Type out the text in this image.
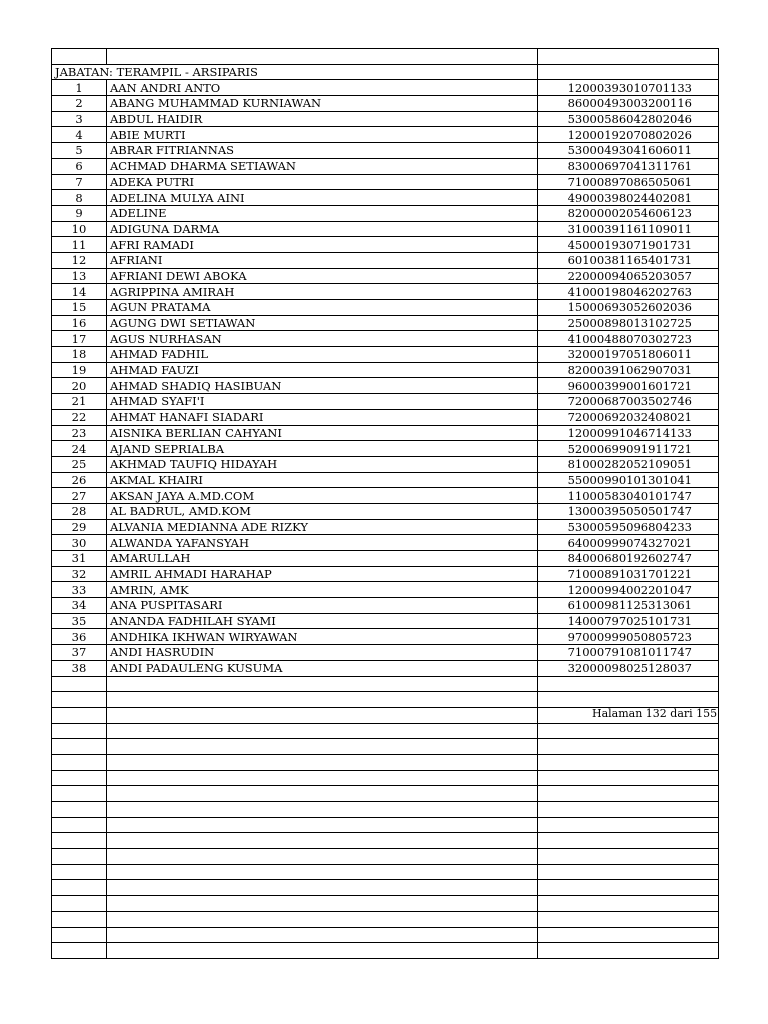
JABATAN: TERAMPIL - ARSIPARIS		
1	AAN ANDRI ANTO	12000393010701133
2	ABANG MUHAMMAD KURNIAWAN	86000493003200116
3	ABDUL HAIDIR	53000586042802046
4	ABIE MURTI	12000192070802026
5	ABRAR FITRIANNAS	53000493041606011
6	ACHMAD DHARMA SETIAWAN	83000697041311761
7	ADEKA PUTRI	71000897086505061
8	ADELINA MULYA AINI	49000398024402081
9	ADELINE	82000002054606123
10	ADIGUNA DARMA	31000391161109011
11	AFRI RAMADI	45000193071901731
12	AFRIANI	60100381165401731
13	AFRIANI DEWI ABOKA	22000094065203057
14	AGRIPPINA AMIRAH	41000198046202763
15	AGUN PRATAMA	15000693052602036
16	AGUNG DWI SETIAWAN	25000898013102725
17	AGUS NURHASAN	41000488070302723
18	AHMAD FADHIL	32000197051806011
19	AHMAD FAUZI	82000391062907031
20	AHMAD SHADIQ HASIBUAN	96000399001601721
21	AHMAD SYAFI'I	72000687003502746
22	AHMAT HANAFI SIADARI	72000692032408021
23	AISNIKA BERLIAN CAHYANI	12000991046714133
24	AJAND SEPRIALBA	52000699091911721
25	AKHMAD TAUFIQ HIDAYAH	81000282052109051
26	AKMAL KHAIRI	55000990101301041
27	AKSAN JAYA A.MD.COM	11000583040101747
28	AL BADRUL, AMD.KOM	13000395050501747
29	ALVANIA MEDIANNA ADE RIZKY	53000595096804233
30	ALWANDA YAFANSYAH	64000999074327021
31	AMARULLAH	84000680192602747
32	AMRIL AHMADI HARAHAP	71000891031701221
33	AMRIN, AMK	12000994002201047
34	ANA PUSPITASARI	61000981125313061
35	ANANDA FADHILAH SYAMI	14000797025101731
36	ANDHIKA IKHWAN WIRYAWAN	97000999050805723
37	ANDI HASRUDIN	71000791081011747
38	ANDI PADAULENG KUSUMA	32000098025128037

Halaman 132 dari 155
